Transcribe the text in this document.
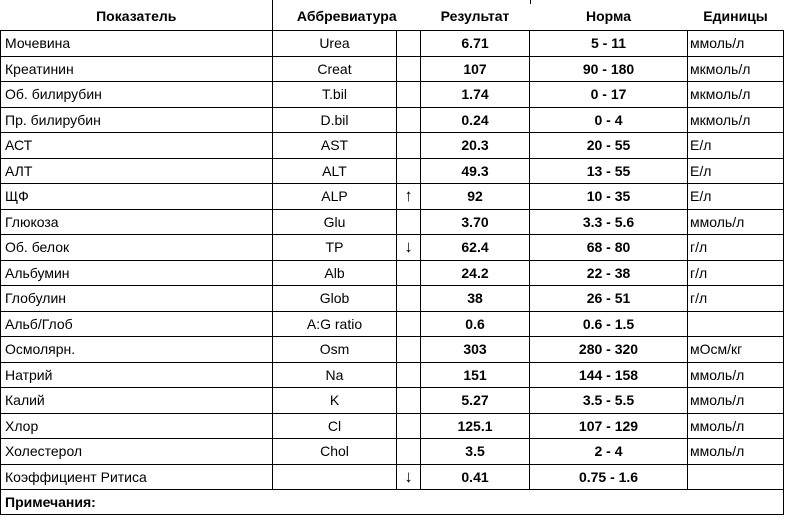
Показатель	Аббревиатура		Результат	Норма	Единицы
Мочевина	Urea		6.71	5 - 11	ммоль/л
Креатинин	Creat		107	90 - 180	мкмоль/л
Об. билирубин	T.bil		1.74	0 - 17	мкмоль/л
Пр. билирубин	D.bil		0.24	0 - 4	мкмоль/л
АСТ	AST		20.3	20 - 55	Е/л
АЛТ	ALT		49.3	13 - 55	Е/л
ЩФ	ALP	↑	92	10 - 35	Е/л
Глюкоза	Glu		3.70	3.3 - 5.6	ммоль/л
Об. белок	TP	↓	62.4	68 - 80	г/л
Альбумин	Alb		24.2	22 - 38	г/л
Глобулин	Glob		38	26 - 51	г/л
Альб/Глоб	A:G ratio		0.6	0.6 - 1.5	
Осмолярн.	Osm		303	280 - 320	мОсм/кг
Натрий	Na		151	144 - 158	ммоль/л
Калий	K		5.27	3.5 - 5.5	ммоль/л
Хлор	Cl		125.1	107 - 129	ммоль/л
Холестерол	Chol		3.5	2 - 4	ммоль/л
Коэффициент Ритиса		↓	0.41	0.75 - 1.6	
Примечания:					
